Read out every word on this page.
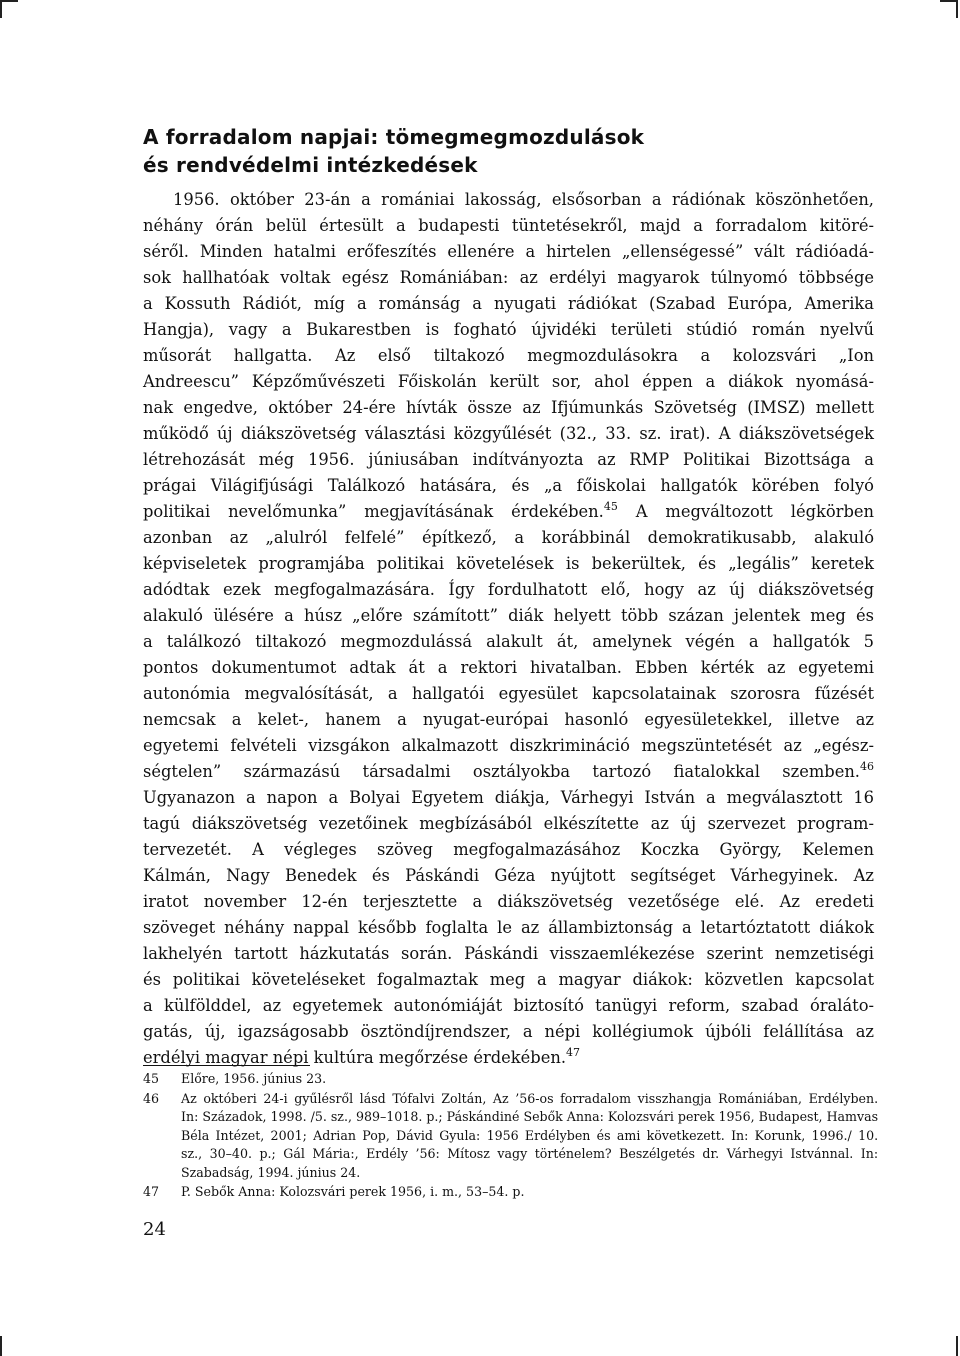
A forradalom napjai: tömegmegmozdulások
és rendvédelmi intézkedések
1956. október 23-án a romániai lakosság, elsősorban a rádiónak köszönhetően,
néhány órán belül értesült a budapesti tüntetésekről, majd a forradalom kitöré-
séről. Minden hatalmi erőfeszítés ellenére a hirtelen „ellenségessé” vált rádióadá-
sok hallhatóak voltak egész Romániában: az erdélyi magyarok túlnyomó többsége
a Kossuth Rádiót, míg a románság a nyugati rádiókat (Szabad Európa, Amerika
Hangja), vagy a Bukarestben is fogható újvidéki területi stúdió román nyelvű
műsorát hallgatta. Az első tiltakozó megmozdulásokra a kolozsvári „Ion
Andreescu” Képzőművészeti Főiskolán került sor, ahol éppen a diákok nyomásá-
nak engedve, október 24-ére hívták össze az Ifjúmunkás Szövetség (IMSZ) mellett
működő új diákszövetség választási közgyűlését (32., 33. sz. irat). A diákszövetségek
létrehozását még 1956. júniusában indítványozta az RMP Politikai Bizottsága a
prágai Világifjúsági Találkozó hatására, és „a főiskolai hallgatók körében folyó
politikai nevelőmunka” megjavításának érdekében.$^{45}$ A megváltozott légkörben
azonban az „alulról felfelé” építkező, a korábbinál demokratikusabb, alakuló
képviseletek programjába politikai követelések is bekerültek, és „legális” keretek
adódtak ezek megfogalmazására. Így fordulhatott elő, hogy az új diákszövetség
alakuló ülésére a húsz „előre számított” diák helyett több százan jelentek meg és
a találkozó tiltakozó megmozdulássá alakult át, amelynek végén a hallgatók 5
pontos dokumentumot adtak át a rektori hivatalban. Ebben kérték az egyetemi
autonómia megvalósítását, a hallgatói egyesület kapcsolatainak szorosra fűzését
nemcsak a kelet-, hanem a nyugat-európai hasonló egyesületekkel, illetve az
egyetemi felvételi vizsgákon alkalmazott diszkrimináció megszüntetését az „egész-
ségtelen” származású társadalmi osztályokba tartozó fiatalokkal szemben.$^{46}$
Ugyanazon a napon a Bolyai Egyetem diákja, Várhegyi István a megválasztott 16
tagú diákszövetség vezetőinek megbízásából elkészítette az új szervezet program-
tervezetét. A végleges szöveg megfogalmazásához Koczka György, Kelemen
Kálmán, Nagy Benedek és Páskándi Géza nyújtott segítséget Várhegyinek. Az
iratot november 12-én terjesztette a diákszövetség vezetősége elé. Az eredeti
szöveget néhány nappal később foglalta le az állambiztonság a letartóztatott diákok
lakhelyén tartott házkutatás során. Páskándi visszaemlékezése szerint nemzetiségi
és politikai követeléseket fogalmaztak meg a magyar diákok: közvetlen kapcsolat
a külfölddel, az egyetemek autonómiáját biztosító tanügyi reform, szabad óraláto-
gatás, új, igazságosabb ösztöndíjrendszer, a népi kollégiumok újbóli felállítása az
erdélyi magyar népi kultúra megőrzése érdekében.$^{47}$
45	Előre, 1956. június 23.
46	Az októberi 24-i gyűlésről lásd Tófalvi Zoltán, Az ’56-os forradalom visszhangja Romániában, Erdélyben.
In: Századok, 1998. /5. sz., 989–1018. p.; Páskándiné Sebők Anna: Kolozsvári perek 1956, Budapest, Hamvas
Béla Intézet, 2001; Adrian Pop, Dávid Gyula: 1956 Erdélyben és ami következett. In: Korunk, 1996./ 10.
sz., 30–40. p.; Gál Mária:, Erdély ’56: Mítosz vagy történelem? Beszélgetés dr. Várhegyi Istvánnal. In:
Szabadság, 1994. június 24.
47	P. Sebők Anna: Kolozsvári perek 1956, i. m., 53–54. p.
24
